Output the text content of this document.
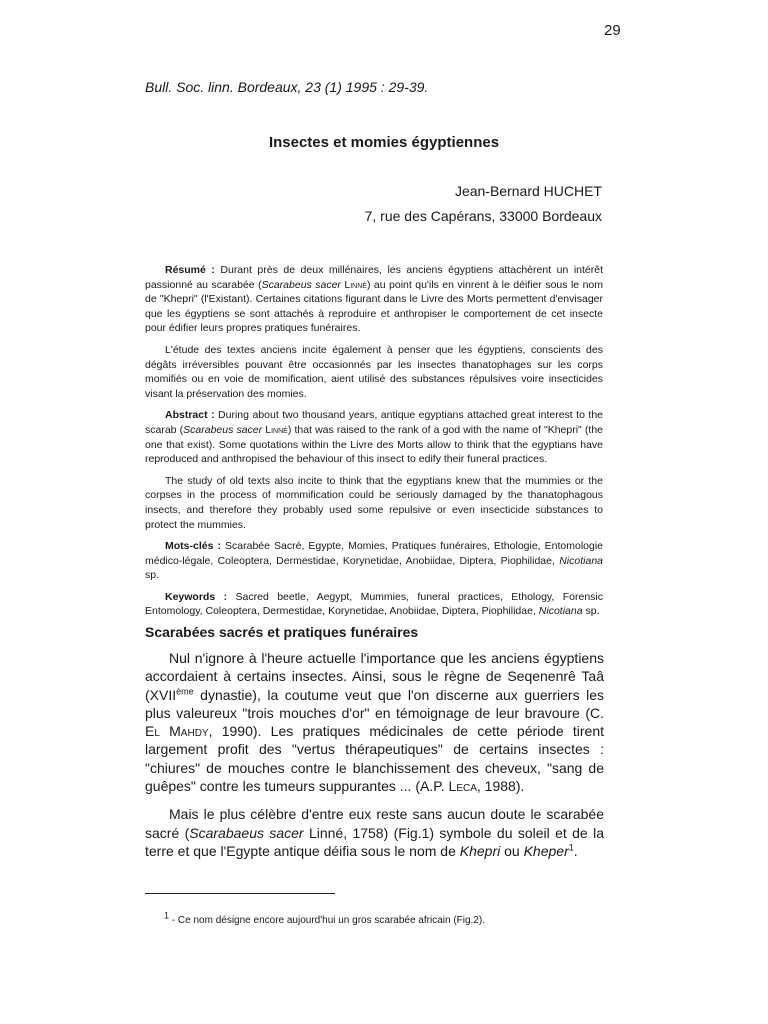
29
Bull. Soc. linn. Bordeaux, 23 (1) 1995 : 29-39.
Insectes et momies égyptiennes
Jean-Bernard HUCHET
7, rue des Capérans, 33000 Bordeaux

Résumé : Durant près de deux millénaires, les anciens égyptiens attachèrent un intérêt passionné au scarabée (Scarabeus sacer Linné) au point qu'ils en vinrent à le déifier sous le nom de "Khepri" (l'Existant). Certaines citations figurant dans le Livre des Morts permettent d'envisager que les égyptiens se sont attachés à reproduire et anthropiser le comportement de cet insecte pour édifier leurs propres pratiques funéraires.

L'étude des textes anciens incite également à penser que les égyptiens, conscients des dégâts irréversibles pouvant être occasionnés par les insectes thanatophages sur les corps momifiés ou en voie de momification, aient utilisé des substances répulsives voire insecticides visant la préservation des momies.

Abstract : During about two thousand years, antique egyptians attached great interest to the scarab (Scarabeus sacer Linné) that was raised to the rank of a god with the name of "Khepri" (the one that exist). Some quotations within the Livre des Morts allow to think that the egyptians have reproduced and anthropised the behaviour of this insect to edify their funeral practices.

The study of old texts also incite to think that the egyptians knew that the mummies or the corpses in the process of mommification could be seriously damaged by the thanatophagous insects, and therefore they probably used some repulsive or even insecticide substances to protect the mummies.

Mots-clés : Scarabée Sacré, Egypte, Momies, Pratiques funéraires, Ethologie, Entomologie médico-légale, Coleoptera, Dermestidae, Korynetidae, Anobiidae, Diptera, Piophilidae, Nicotiana sp.

Keywords : Sacred beetle, Aegypt, Mummies, funeral practices, Ethology, Forensic Entomology, Coleoptera, Dermestidae, Korynetidae, Anobiidae, Diptera, Piophilidae, Nicotiana sp.

Scarabées sacrés et pratiques funéraires

Nul n'ignore à l'heure actuelle l'importance que les anciens égyptiens accordaient à certains insectes. Ainsi, sous le règne de Seqenenrê Taâ (XVIIème dynastie), la coutume veut que l'on discerne aux guerriers les plus valeureux "trois mouches d'or" en témoignage de leur bravoure (C. El Mahdy, 1990). Les pratiques médicinales de cette période tirent largement profit des "vertus thérapeutiques" de certains insectes : "chiures" de mouches contre le blanchissement des cheveux, "sang de guêpes" contre les tumeurs suppurantes ... (A.P. Leca, 1988).

Mais le plus célèbre d'entre eux reste sans aucun doute le scarabée sacré (Scarabaeus sacer Linné, 1758) (Fig.1) symbole du soleil et de la terre et que l'Egypte antique déifia sous le nom de Khepri ou Kheper$^1$.

$^1$ - Ce nom désigne encore aujourd'hui un gros scarabée africain (Fig.2).
